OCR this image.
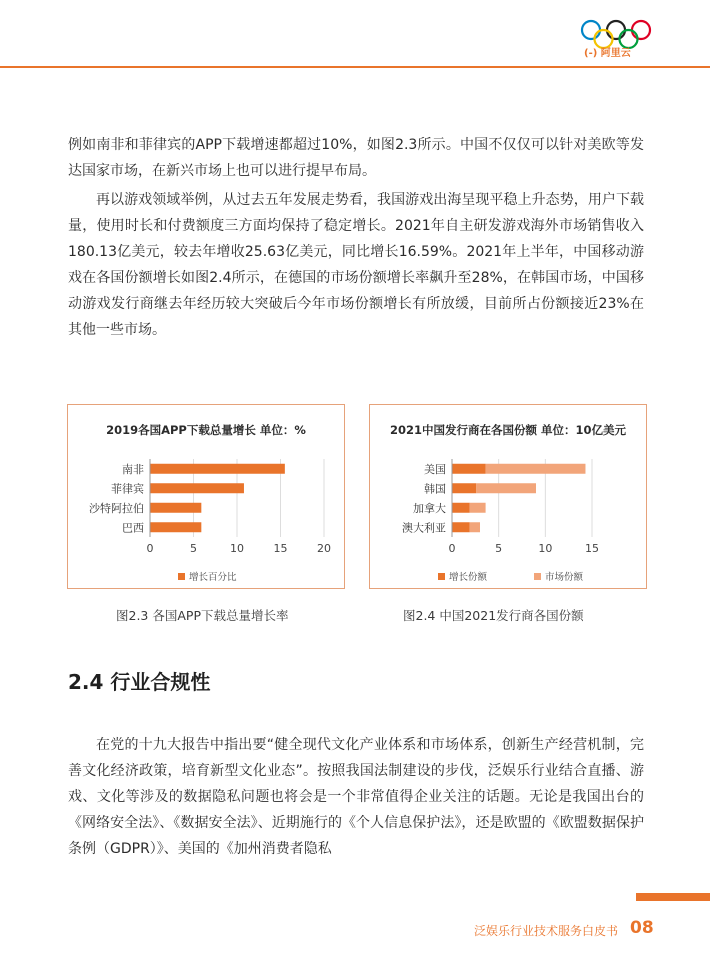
(-) 阿里云

例如南非和菲律宾的APP下载增速都超过10%，如图2.3所示。中国不仅仅可以针对美欧等发达国家市场，在新兴市场上也可以进行提早布局。

再以游戏领域举例，从过去五年发展走势看，我国游戏出海呈现平稳上升态势，用户下载量，使用时长和付费额度三方面均保持了稳定增长。2021年自主研发游戏海外市场销售收入180.13亿美元，较去年增收25.63亿美元，同比增长16.59%。2021年上半年，中国移动游戏在各国份额增长如图2.4所示，在德国的市场份额增长率飙升至28%，在韩国市场，中国移动游戏发行商继去年经历较大突破后今年市场份额增长有所放缓，目前所占份额接近23%在其他一些市场。

2019各国APP下载总量增长 单位：%
0	5	10	15	20
南非
菲律宾
沙特阿拉伯
巴西
增长百分比
2021中国发行商在各国份额 单位：10亿美元
0	5	10	15
美国
韩国
加拿大
澳大利亚
增长份额	市场份额
图2.3 各国APP下载总量增长率	图2.4 中国2021发行商各国份额
2.4 行业合规性

在党的十九大报告中指出要“健全现代文化产业体系和市场体系，创新生产经营机制，完善文化经济政策，培育新型文化业态”。按照我国法制建设的步伐，泛娱乐行业结合直播、游戏、文化等涉及的数据隐私问题也将会是一个非常值得企业关注的话题。无论是我国出台的《网络安全法》、《数据安全法》、近期施行的《个人信息保护法》，还是欧盟的《欧盟数据保护条例（GDPR）》、美国的《加州消费者隐私

泛娱乐行业技术服务白皮书 08
